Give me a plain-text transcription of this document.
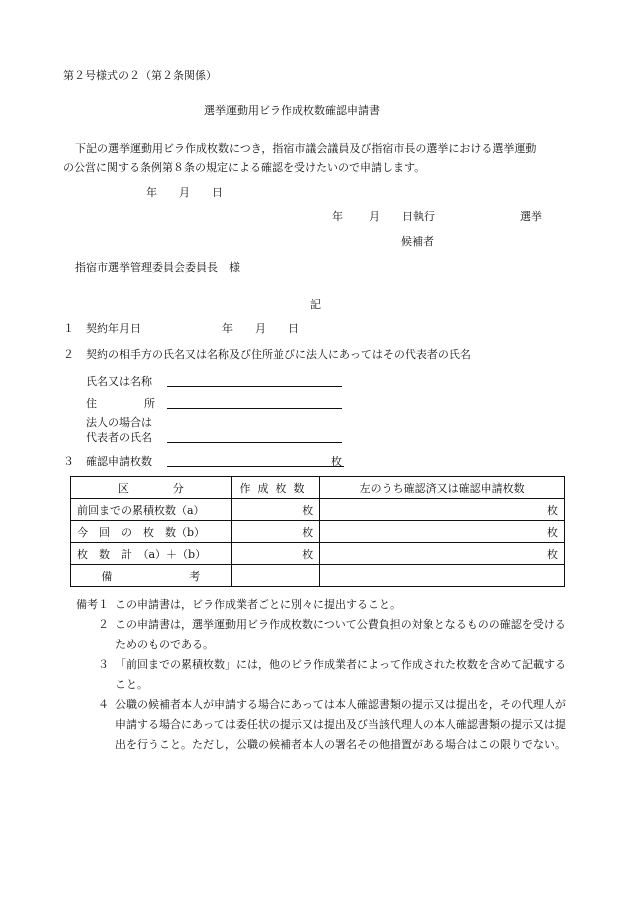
第２号様式の２（第２条関係）
選挙運動用ビラ作成枚数確認申請書
下記の選挙運動用ビラ作成枚数につき，指宿市議会議員及び指宿市長の選挙における選挙運動
の公営に関する条例第８条の規定による確認を受けたいので申請します。
年　　月　　日
年 月 日執行	選挙
候補者
指宿市選挙管理委員会委員長　様
記
１ 契約年月日	年　　月　　日
２ 契約の相手方の氏名又は名称及び住所並びに法人にあってはその代表者の氏名
氏名又は名称
住	所
法人の場合は
代表者の氏名
３ 確認申請枚数	枚
区　　　　分	作成枚数	左のうち確認済又は確認申請枚数
前回までの累積枚数（a）	枚	枚
今　回　の　枚　数（b）	枚	枚
枚　数　計　（a）＋（b）	枚	枚
備　　　　　　　考		
備考１ この申請書は，ビラ作成業者ごとに別々に提出すること。
２ この申請書は，選挙運動用ビラ作成枚数について公費負担の対象となるものの確認を受けるためのものである。
３ 「前回までの累積枚数」には，他のビラ作成業者によって作成された枚数を含めて記載すること。
４ 公職の候補者本人が申請する場合にあっては本人確認書類の提示又は提出を，その代理人が申請する場合にあっては委任状の提示又は提出及び当該代理人の本人確認書類の提示又は提出を行うこと。ただし，公職の候補者本人の署名その他措置がある場合はこの限りでない。
